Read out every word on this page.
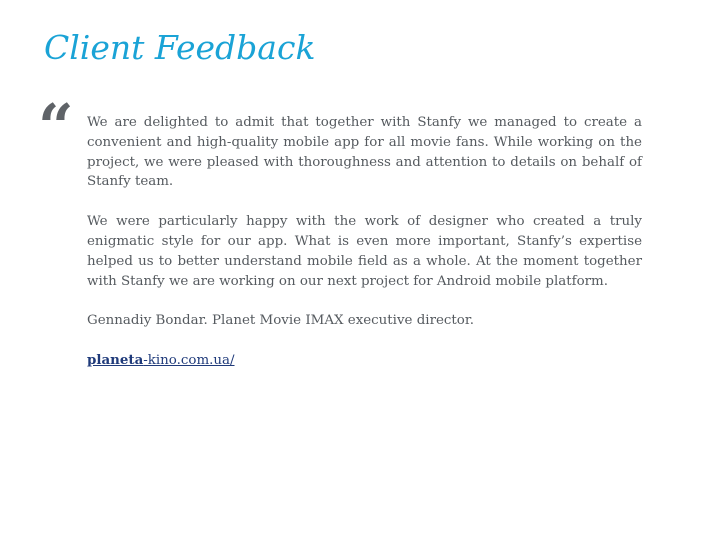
Client Feedback
“ We are delighted to admit that together with Stanfy we managed to create a convenient and high-quality mobile app for all movie fans. While working on the project, we were pleased with thoroughness and attention to details on behalf of Stanfy team.

We were particularly happy with the work of designer who created a truly enigmatic style for our app. What is even more important, Stanfy’s expertise helped us to better understand mobile field as a whole. At the moment together with Stanfy we are working on our next project for Android mobile platform.

Gennadiy Bondar. Planet Movie IMAX executive director.

planeta-kino.com.ua/
